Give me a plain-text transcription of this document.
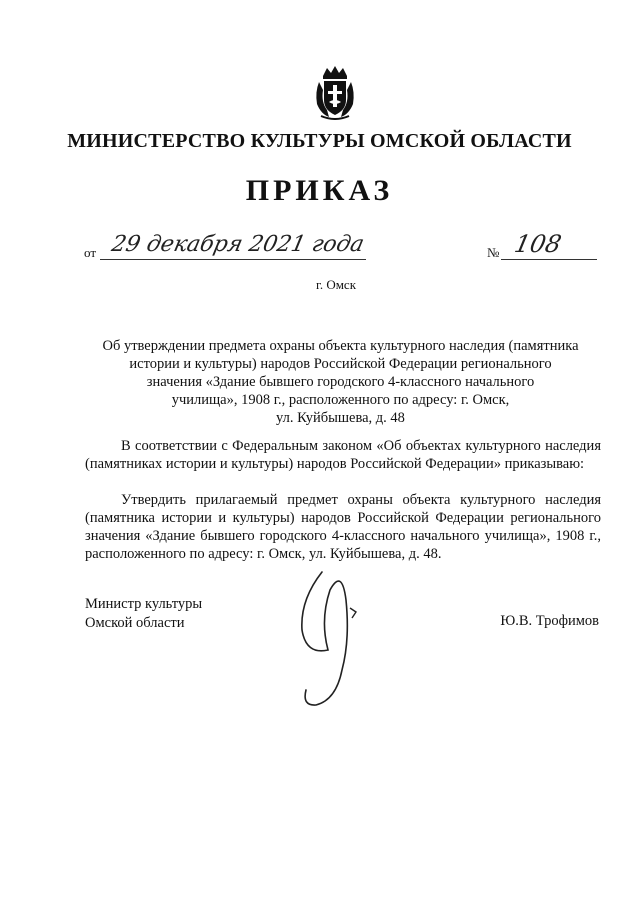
МИНИСТЕРСТВО КУЛЬТУРЫ ОМСКОЙ ОБЛАСТИ
ПРИКАЗ
от 29 декабря 2021 года	№ 108
г. Омск
Об утверждении предмета охраны объекта культурного наследия (памятника
истории и культуры) народов Российской Федерации регионального
значения «Здание бывшего городского 4-классного начального
училища», 1908 г., расположенного по адресу: г. Омск,
ул. Куйбышева, д. 48
В соответствии с Федеральным законом «Об объектах культурного наследия (памятниках истории и культуры) народов Российской Федерации» приказываю:
Утвердить прилагаемый предмет охраны объекта культурного наследия (памятника истории и культуры) народов Российской Федерации регионального значения «Здание бывшего городского 4-классного начального училища», 1908 г., расположенного по адресу: г. Омск, ул. Куйбышева, д. 48.
Министр культуры
Омской области	Ю.В. Трофимов
